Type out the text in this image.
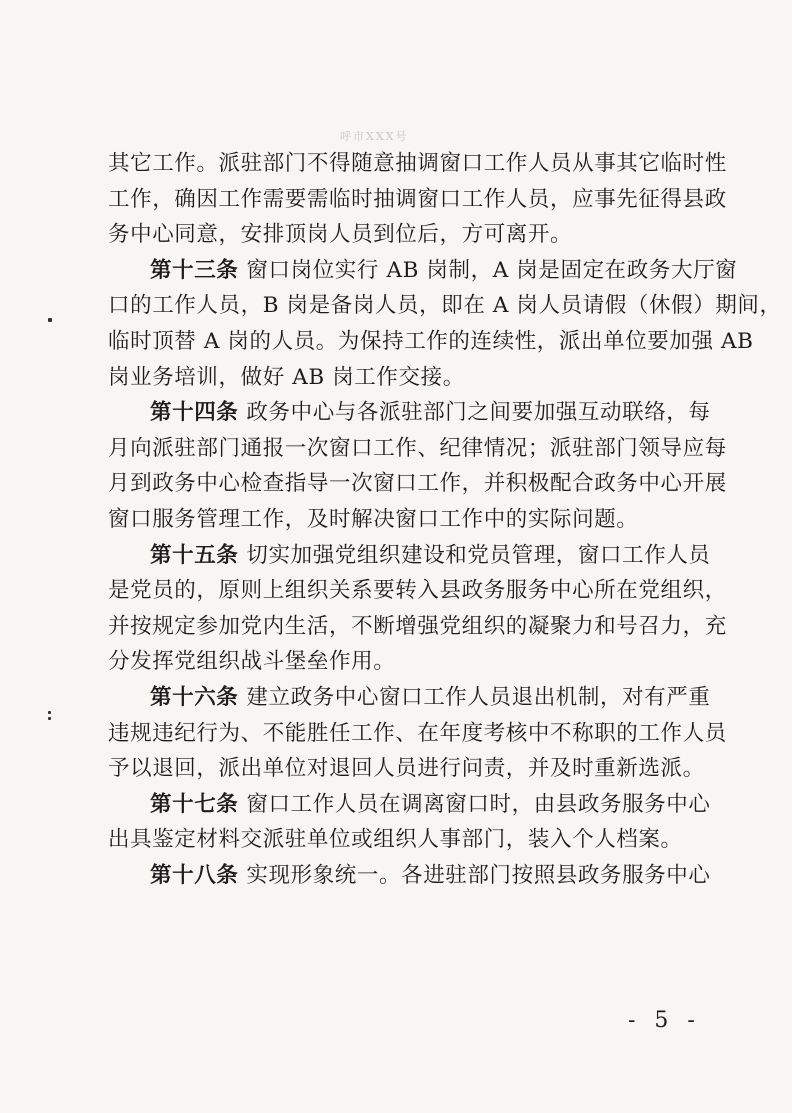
呼市XXX号
其它工作。派驻部门不得随意抽调窗口工作人员从事其它临时性
工作，确因工作需要需临时抽调窗口工作人员，应事先征得县政
务中心同意，安排顶岗人员到位后，方可离开。
第十三条 窗口岗位实行 AB 岗制，A 岗是固定在政务大厅窗
口的工作人员，B 岗是备岗人员，即在 A 岗人员请假（休假）期间，
临时顶替 A 岗的人员。为保持工作的连续性，派出单位要加强 AB
岗业务培训，做好 AB 岗工作交接。
第十四条 政务中心与各派驻部门之间要加强互动联络，每
月向派驻部门通报一次窗口工作、纪律情况；派驻部门领导应每
月到政务中心检查指导一次窗口工作，并积极配合政务中心开展
窗口服务管理工作，及时解决窗口工作中的实际问题。
第十五条 切实加强党组织建设和党员管理，窗口工作人员
是党员的，原则上组织关系要转入县政务服务中心所在党组织，
并按规定参加党内生活，不断增强党组织的凝聚力和号召力，充
分发挥党组织战斗堡垒作用。
第十六条 建立政务中心窗口工作人员退出机制，对有严重
违规违纪行为、不能胜任工作、在年度考核中不称职的工作人员
予以退回，派出单位对退回人员进行问责，并及时重新选派。
第十七条 窗口工作人员在调离窗口时，由县政务服务中心
出具鉴定材料交派驻单位或组织人事部门，装入个人档案。
第十八条 实现形象统一。各进驻部门按照县政务服务中心
- 5 -
